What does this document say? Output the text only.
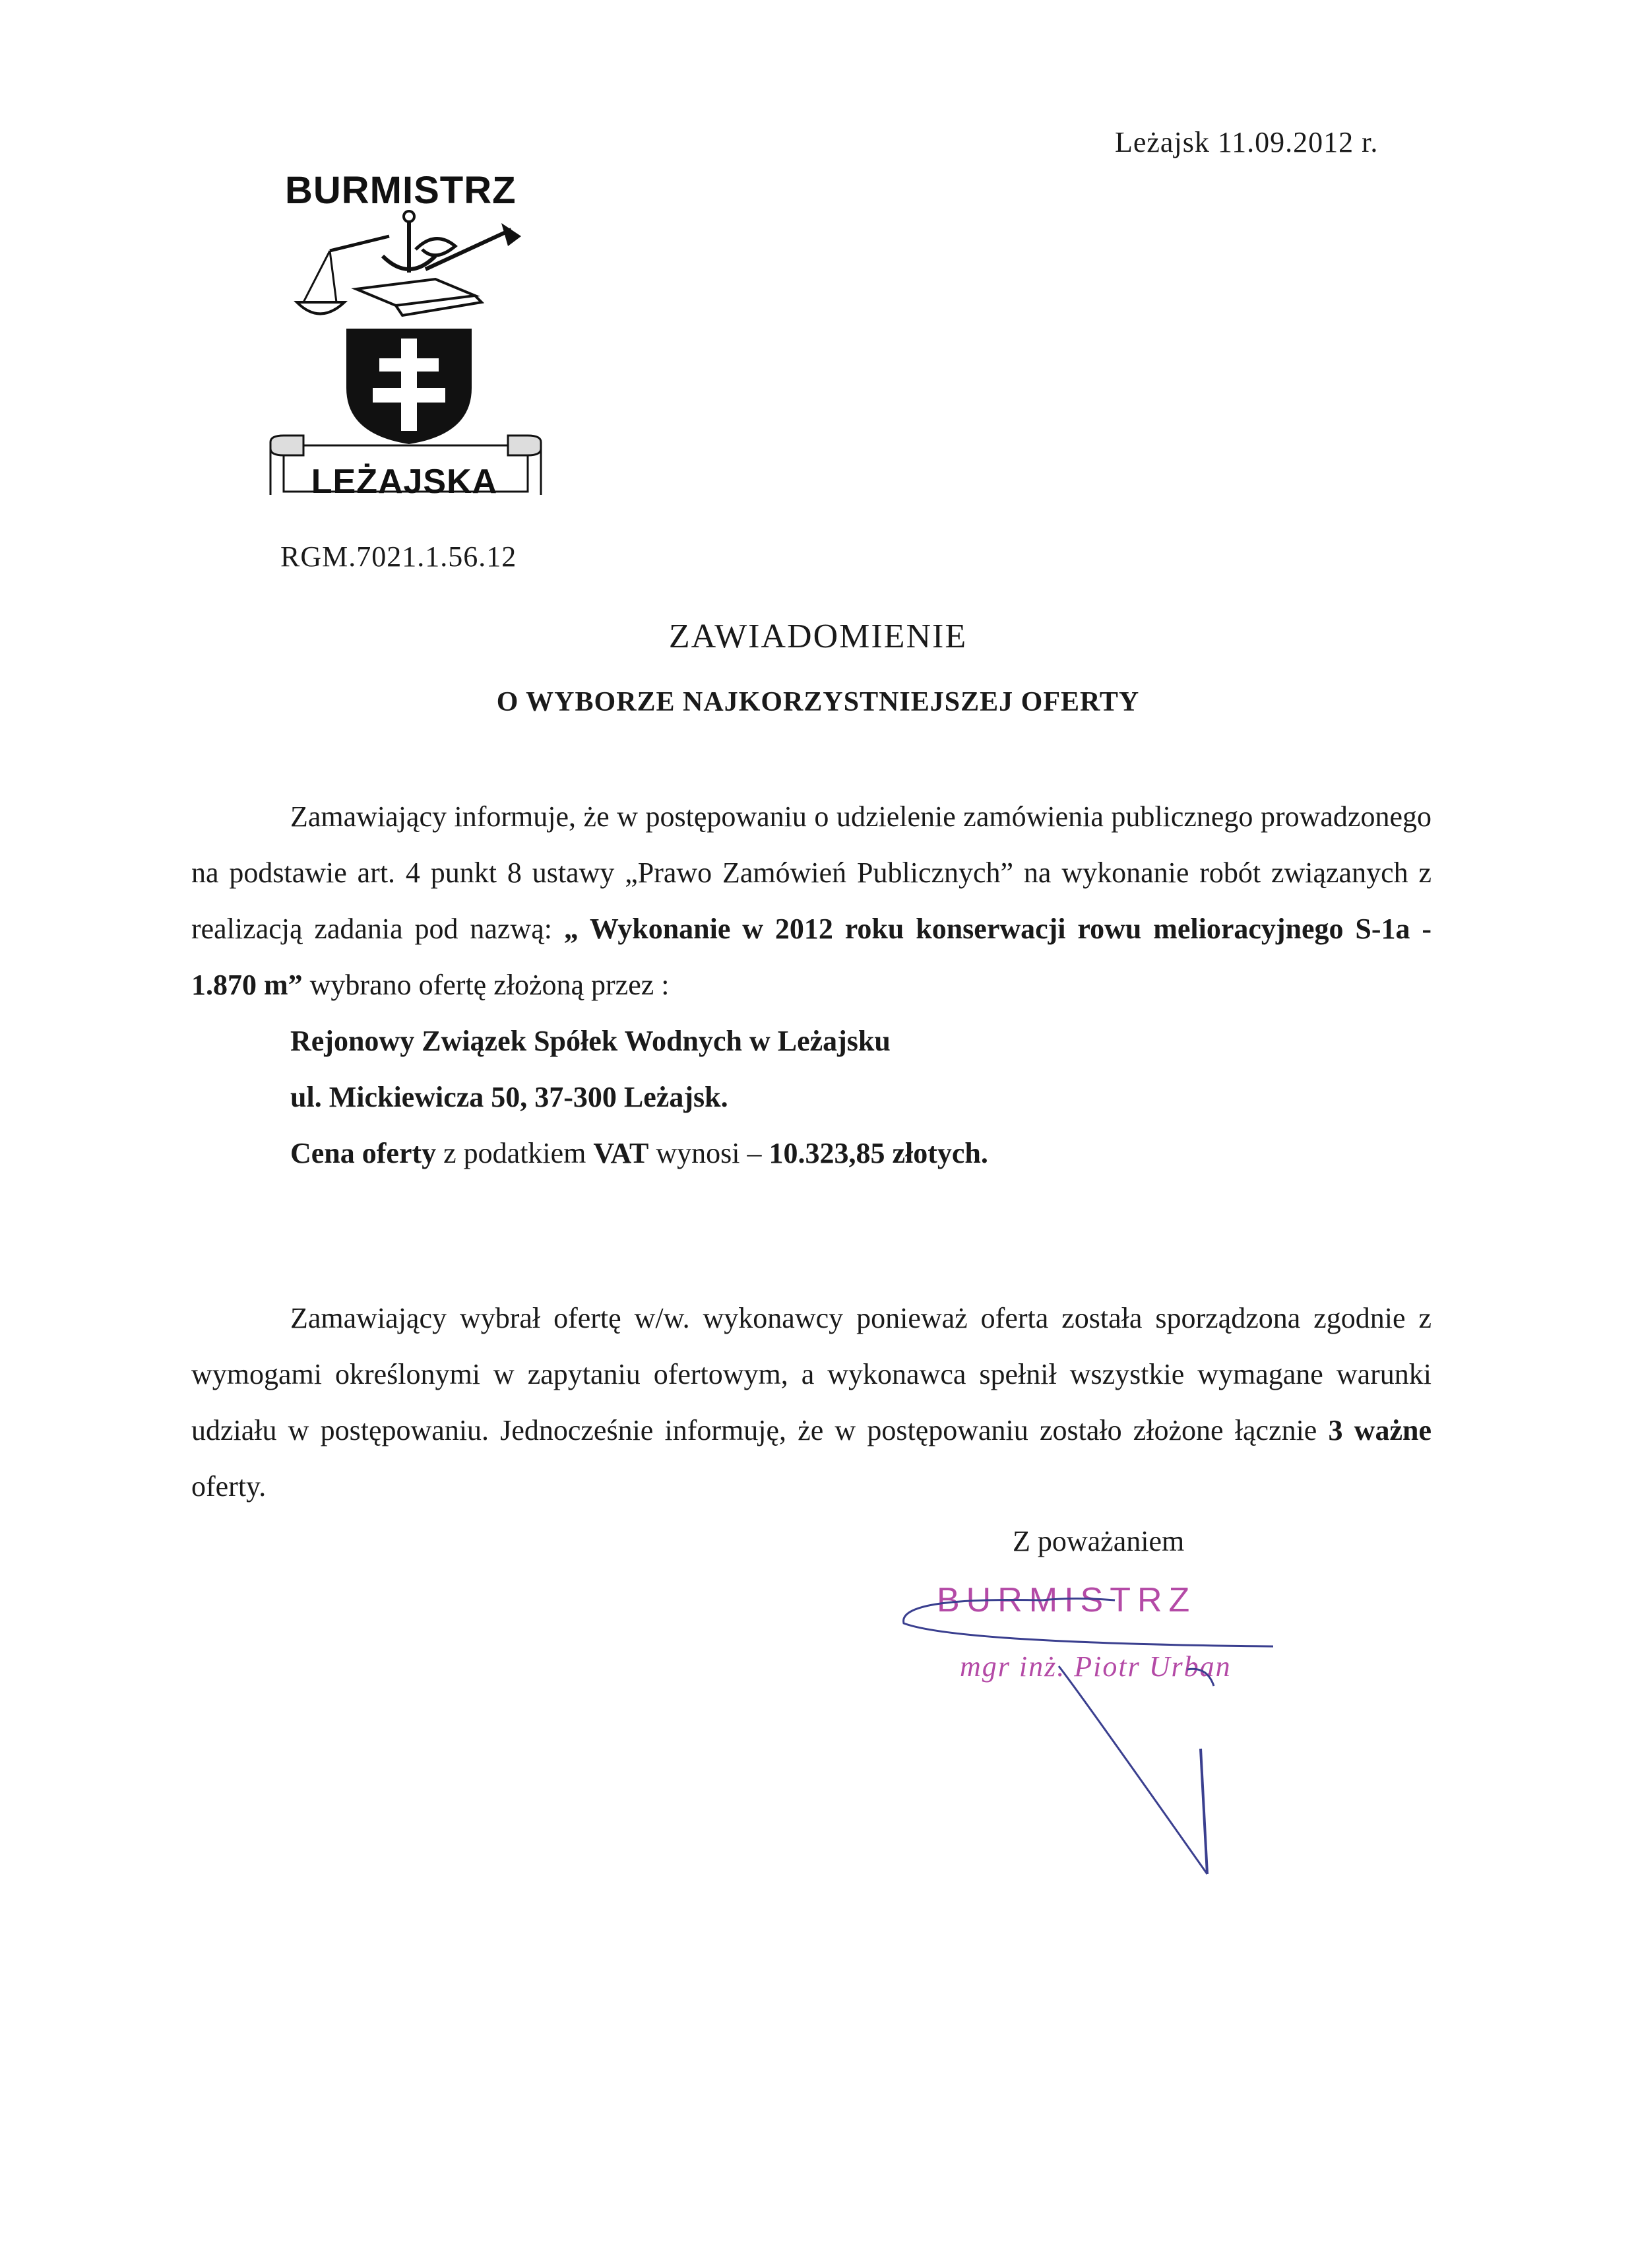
Leżajsk 11.09.2012 r.
BURMISTRZ
LEŻAJSKA
RGM.7021.1.56.12
ZAWIADOMIENIE
O WYBORZE NAJKORZYSTNIEJSZEJ OFERTY
Zamawiający informuje, że w postępowaniu o udzielenie zamówienia publicznego prowadzonego na podstawie art. 4 punkt 8 ustawy „Prawo Zamówień Publicznych” na wykonanie robót związanych z realizacją zadania pod nazwą: „ Wykonanie w 2012 roku konserwacji rowu melioracyjnego S-1a - 1.870 m” wybrano ofertę złożoną przez :
Rejonowy Związek Spółek Wodnych w Leżajsku
ul. Mickiewicza 50, 37-300 Leżajsk.
Cena oferty z podatkiem VAT wynosi – 10.323,85 złotych.
Zamawiający wybrał ofertę w/w. wykonawcy ponieważ oferta została sporządzona zgodnie z wymogami określonymi w zapytaniu ofertowym, a wykonawca spełnił wszystkie wymagane warunki udziału w postępowaniu. Jednocześnie informuję, że w postępowaniu zostało złożone łącznie 3 ważne oferty.
Z poważaniem
BURMISTRZ
mgr inż. Piotr Urban
